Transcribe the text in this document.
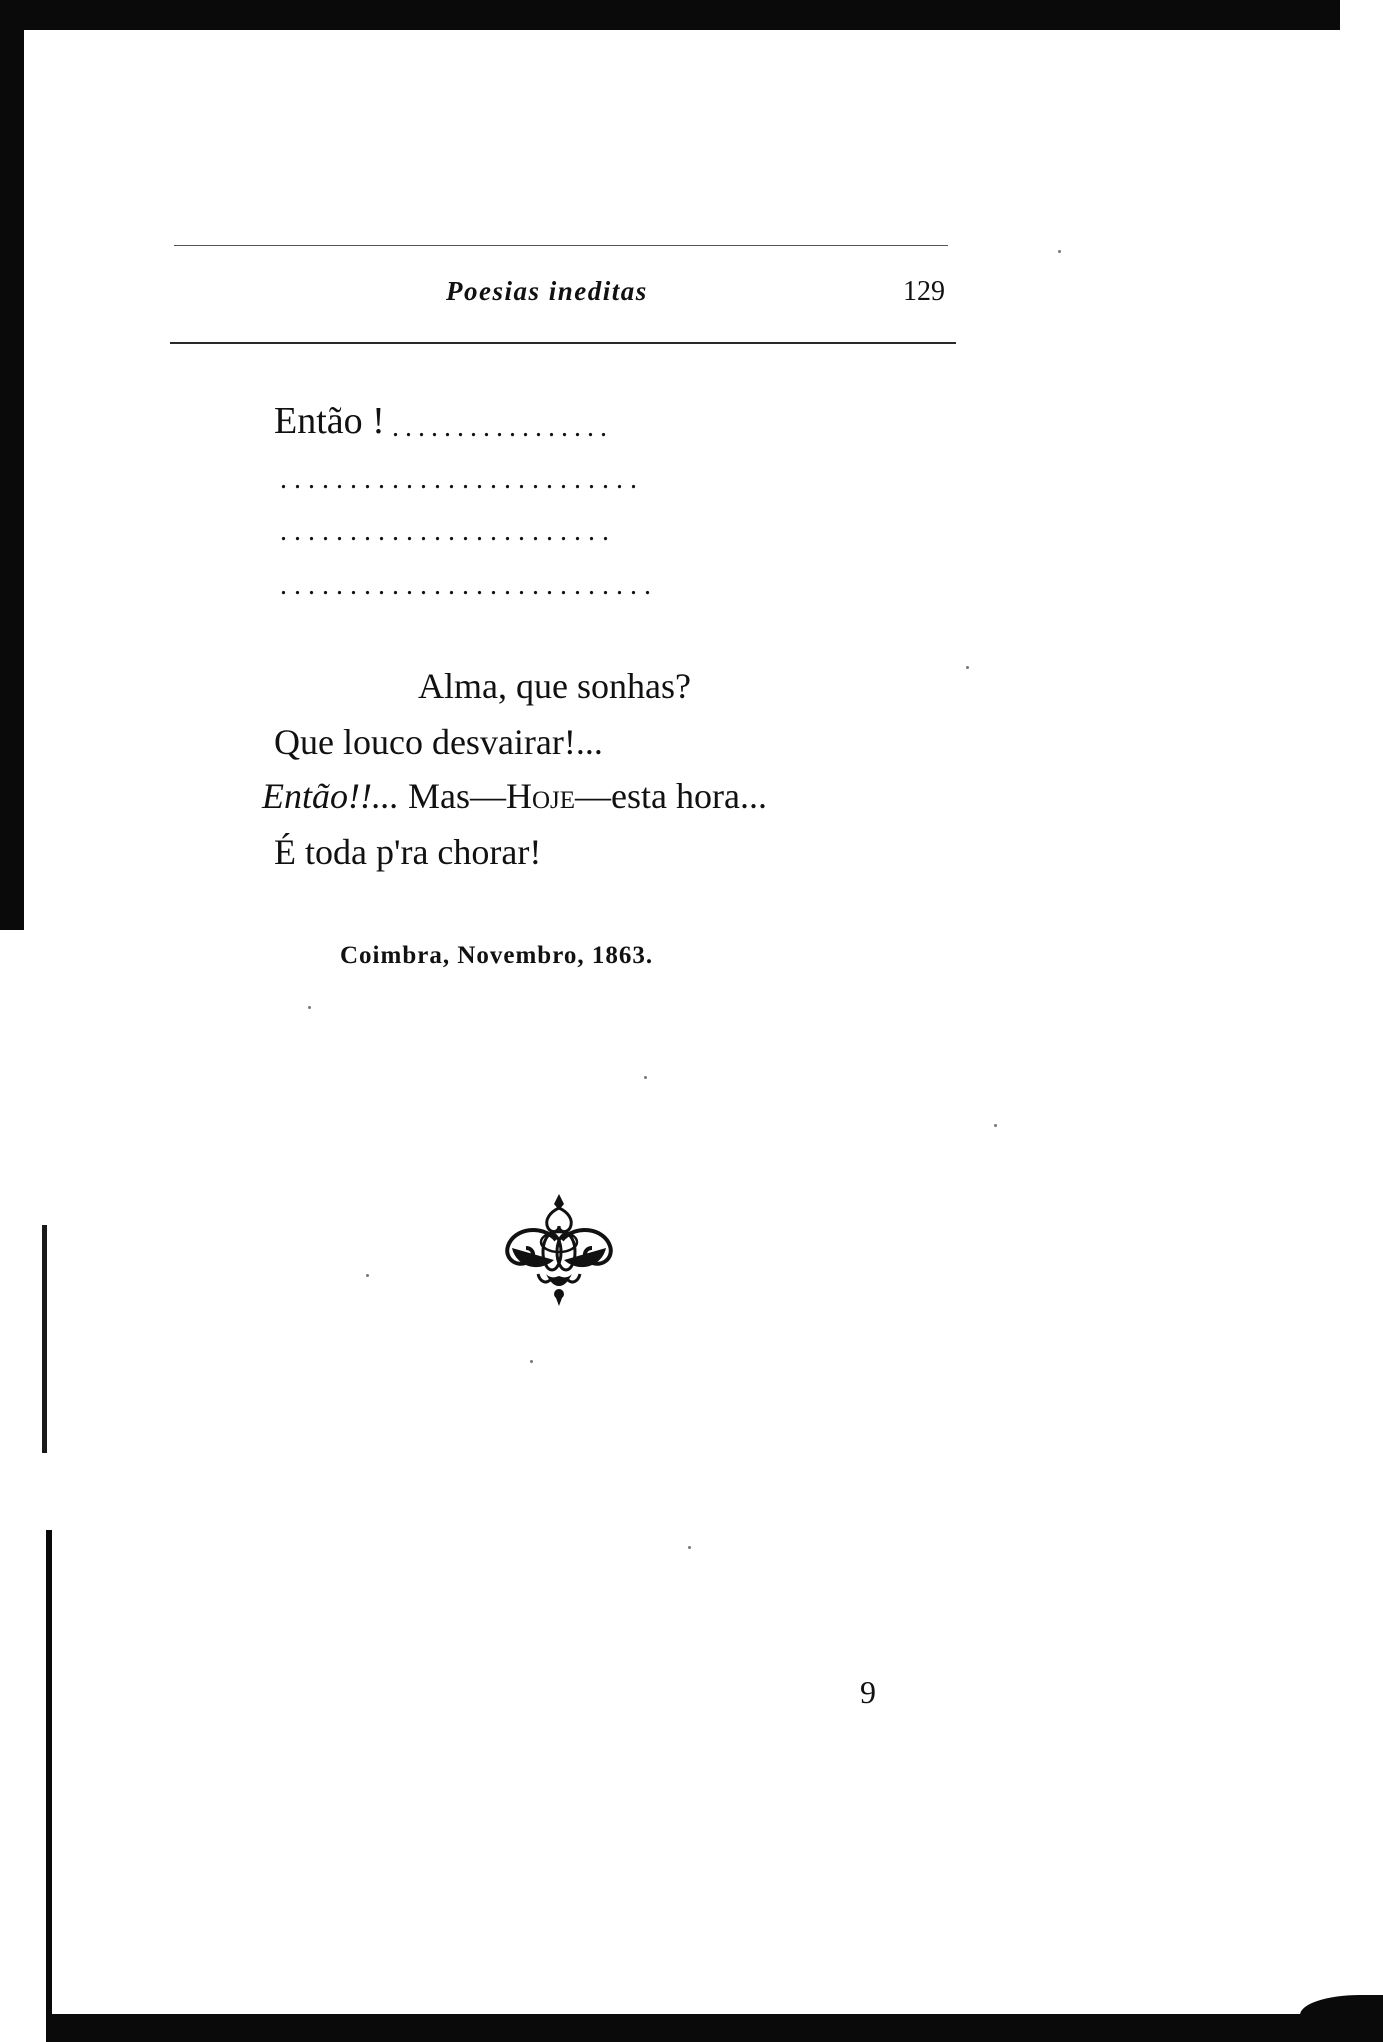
Poesias ineditas	129
Então ! .................
..........................
........................
...........................
Alma, que sonhas?
Que louco desvairar!...
Então!!... Mas—Hoje—esta hora...
É toda p'ra chorar!
Coimbra, Novembro, 1863.
9
